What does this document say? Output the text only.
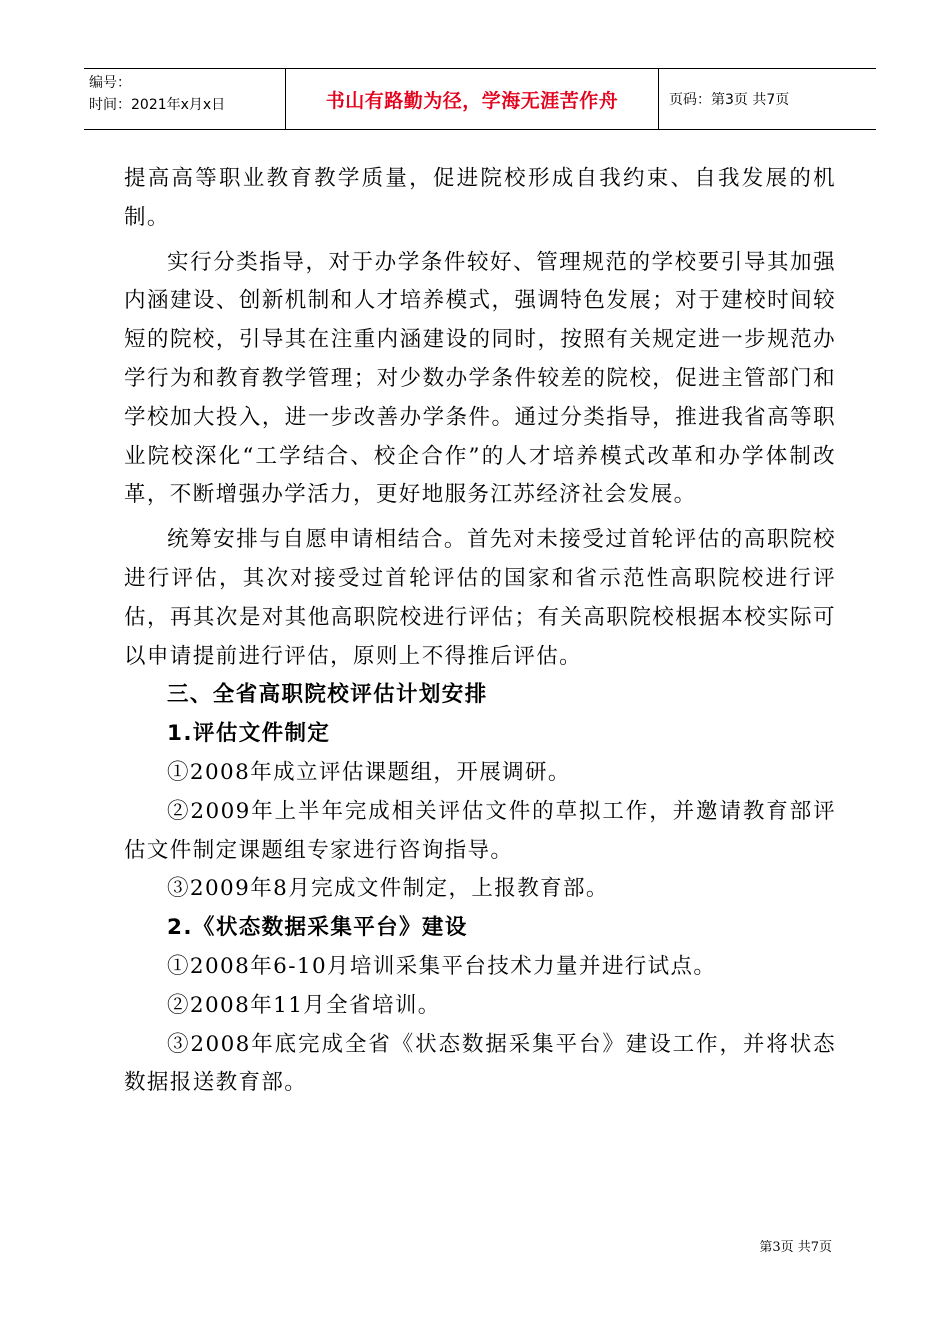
编号：
时间：2021年x月x日	书山有路勤为径，学海无涯苦作舟	页码：第3页 共7页

提高高等职业教育教学质量，促进院校形成自我约束、自我发展的机制。

实行分类指导，对于办学条件较好、管理规范的学校要引导其加强内涵建设、创新机制和人才培养模式，强调特色发展；对于建校时间较短的院校，引导其在注重内涵建设的同时，按照有关规定进一步规范办学行为和教育教学管理；对少数办学条件较差的院校，促进主管部门和学校加大投入，进一步改善办学条件。通过分类指导，推进我省高等职业院校深化“工学结合、校企合作”的人才培养模式改革和办学体制改革，不断增强办学活力，更好地服务江苏经济社会发展。

统筹安排与自愿申请相结合。首先对未接受过首轮评估的高职院校进行评估，其次对接受过首轮评估的国家和省示范性高职院校进行评估，再其次是对其他高职院校进行评估；有关高职院校根据本校实际可以申请提前进行评估，原则上不得推后评估。

三、全省高职院校评估计划安排

1.评估文件制定

①2008年成立评估课题组，开展调研。

②2009年上半年完成相关评估文件的草拟工作，并邀请教育部评估文件制定课题组专家进行咨询指导。

③2009年8月完成文件制定，上报教育部。

2.《状态数据采集平台》建设

①2008年6-10月培训采集平台技术力量并进行试点。

②2008年11月全省培训。

③2008年底完成全省《状态数据采集平台》建设工作，并将状态数据报送教育部。

第3页 共7页
